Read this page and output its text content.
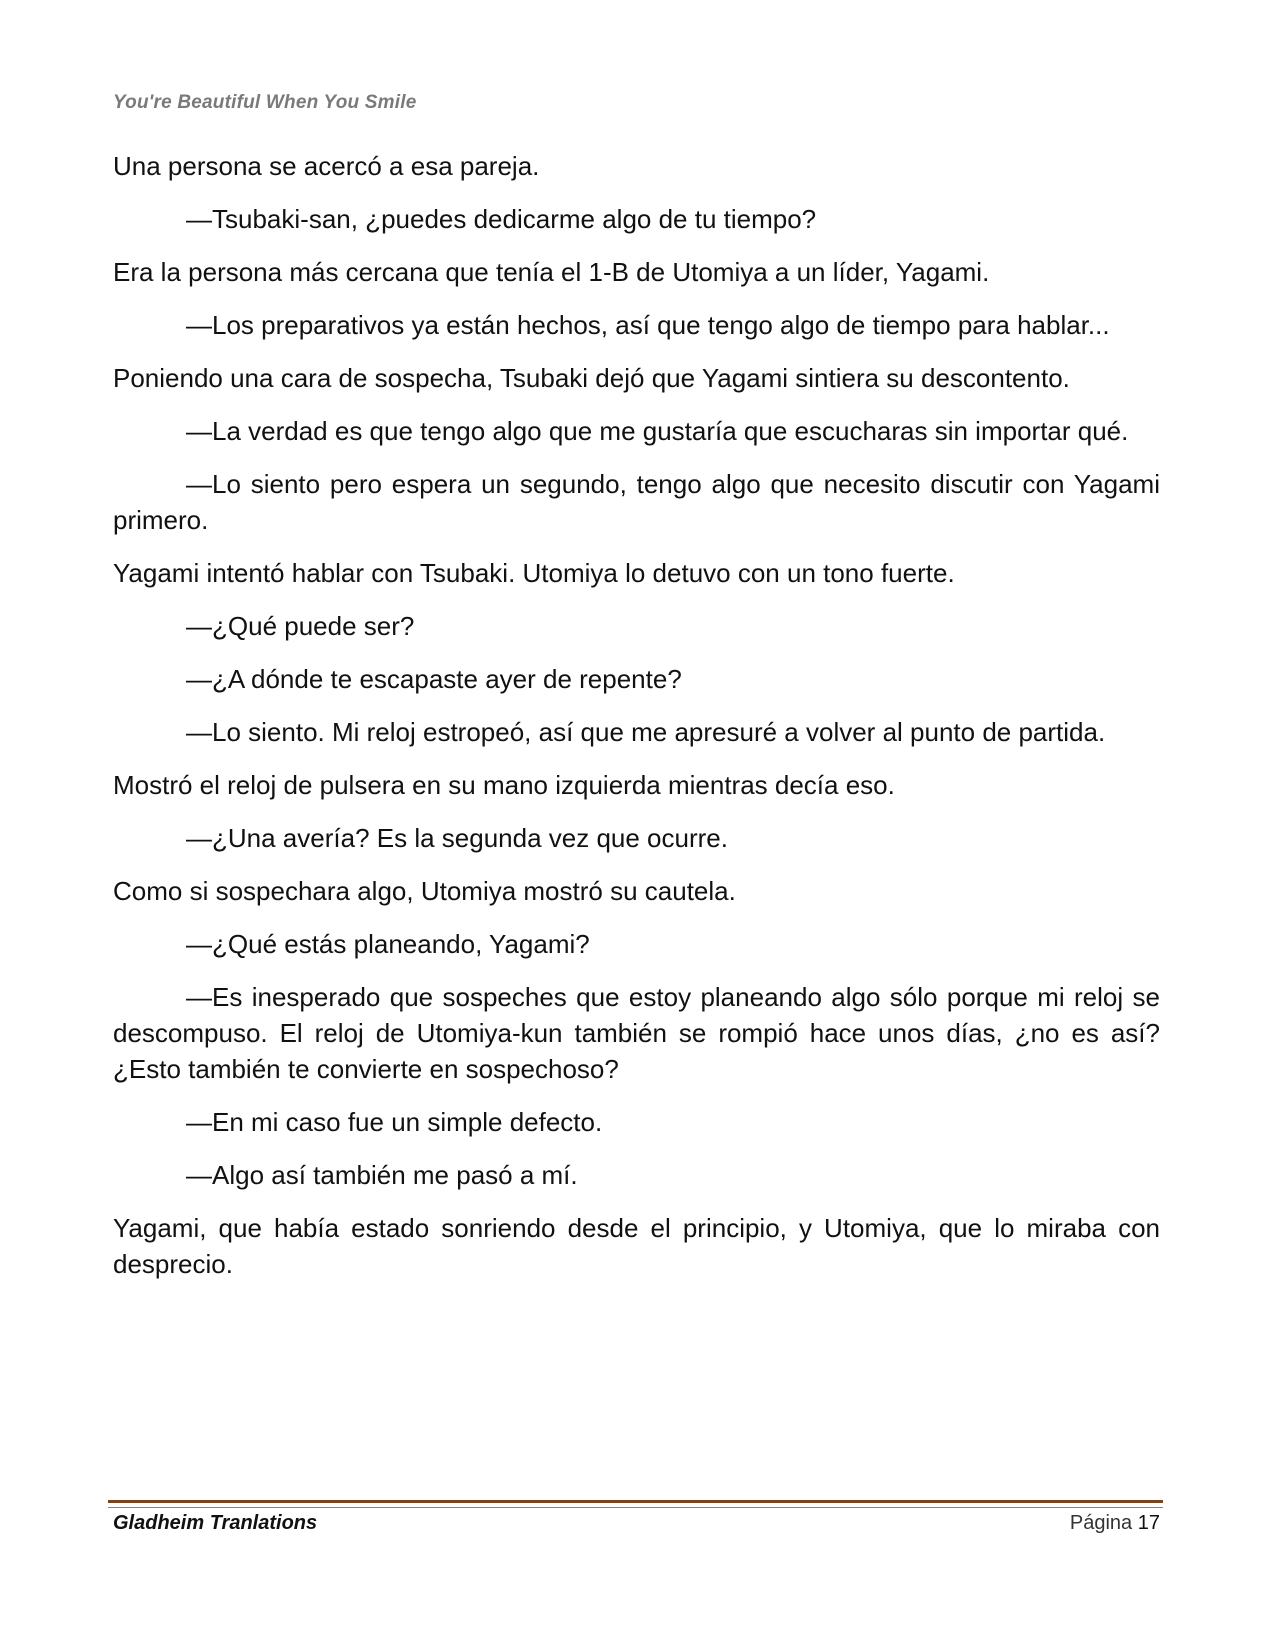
You're Beautiful When You Smile

Una persona se acercó a esa pareja.

—Tsubaki-san, ¿puedes dedicarme algo de tu tiempo?

Era la persona más cercana que tenía el 1-B de Utomiya a un líder, Yagami.

—Los preparativos ya están hechos, así que tengo algo de tiempo para hablar...

Poniendo una cara de sospecha, Tsubaki dejó que Yagami sintiera su descontento.

—La verdad es que tengo algo que me gustaría que escucharas sin importar qué.

—Lo siento pero espera un segundo, tengo algo que necesito discutir con Yagami primero.

Yagami intentó hablar con Tsubaki. Utomiya lo detuvo con un tono fuerte.

—¿Qué puede ser?

—¿A dónde te escapaste ayer de repente?

—Lo siento. Mi reloj estropeó, así que me apresuré a volver al punto de partida.

Mostró el reloj de pulsera en su mano izquierda mientras decía eso.

—¿Una avería? Es la segunda vez que ocurre.

Como si sospechara algo, Utomiya mostró su cautela.

—¿Qué estás planeando, Yagami?

—Es inesperado que sospeches que estoy planeando algo sólo porque mi reloj se descompuso. El reloj de Utomiya-kun también se rompió hace unos días, ¿no es así? ¿Esto también te convierte en sospechoso?

—En mi caso fue un simple defecto.

—Algo así también me pasó a mí.

Yagami, que había estado sonriendo desde el principio, y Utomiya, que lo miraba con desprecio.

Gladheim Tranlations	Página 17
